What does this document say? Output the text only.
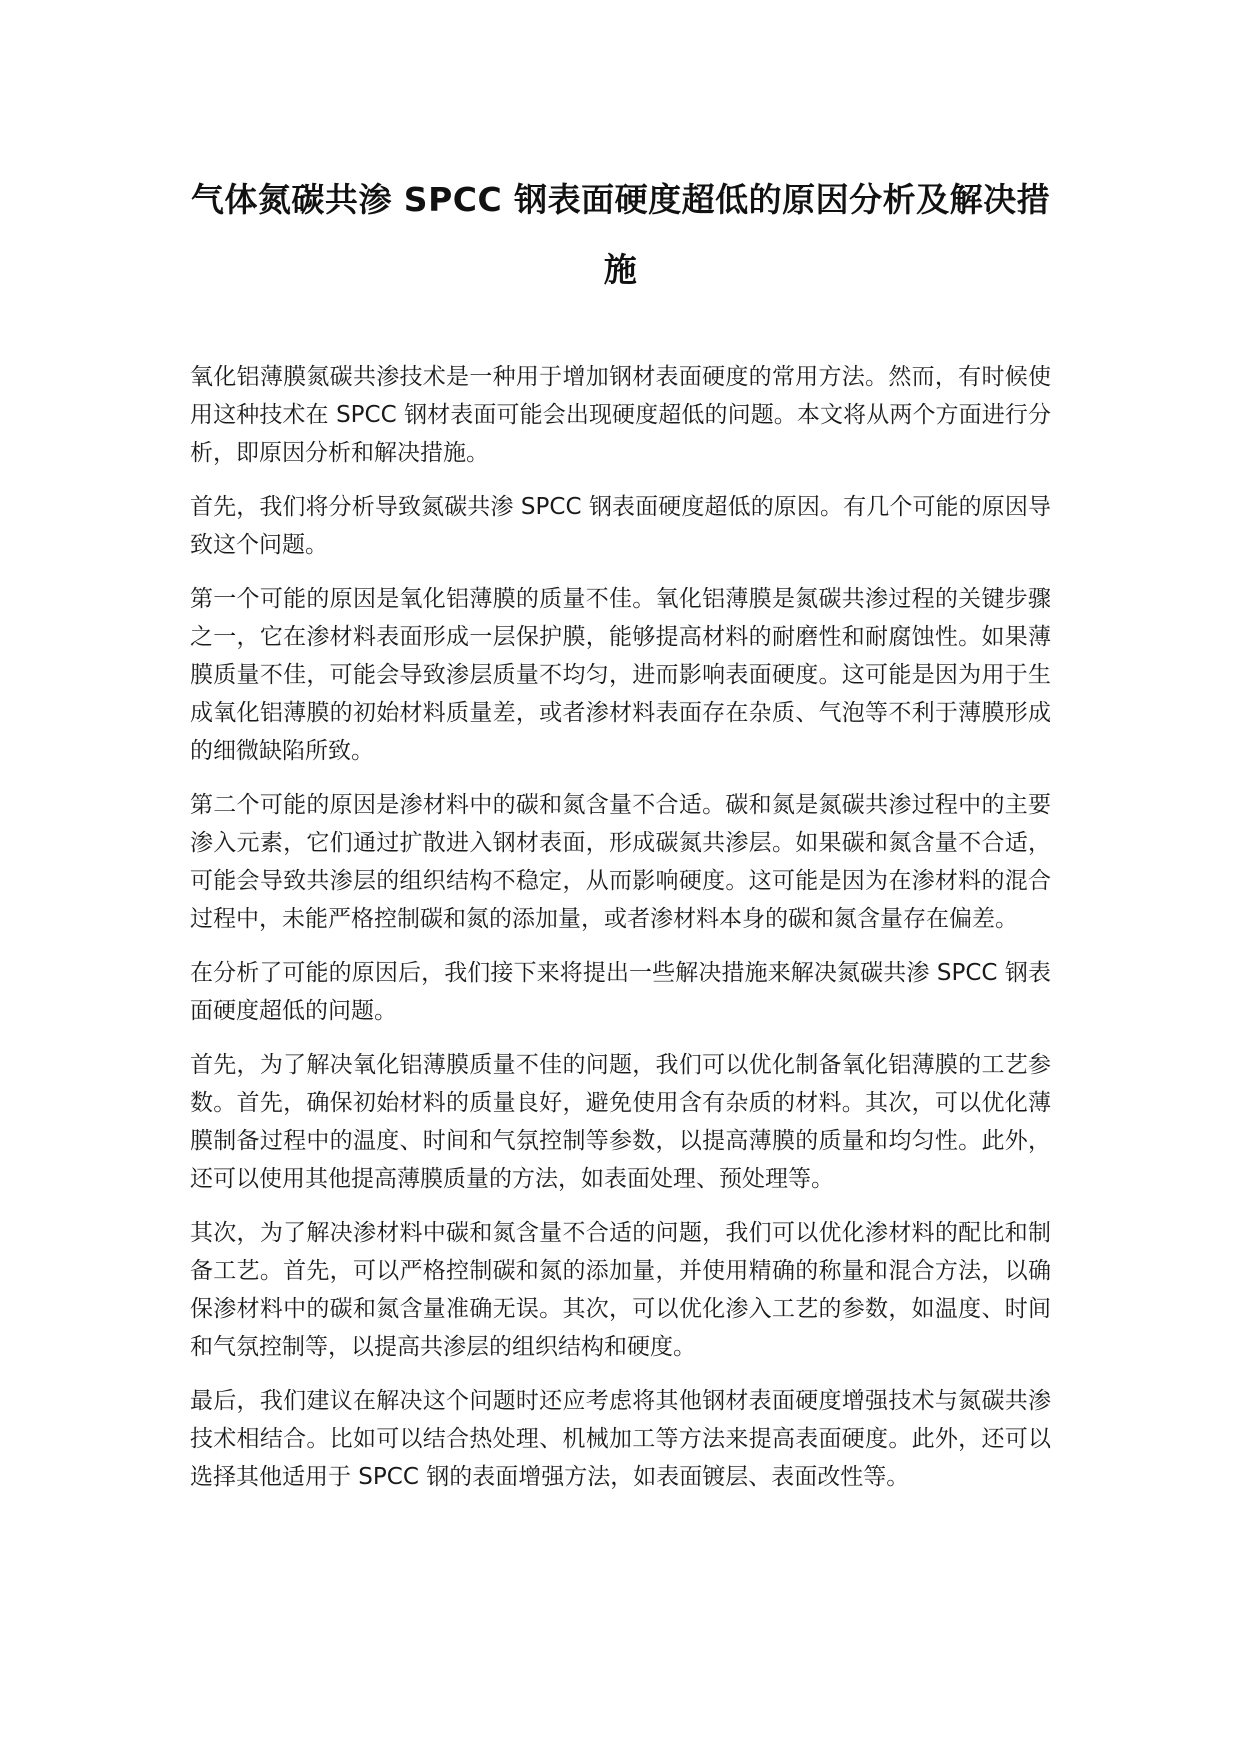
气体氮碳共渗 SPCC 钢表面硬度超低的原因分析及解决措施

氧化铝薄膜氮碳共渗技术是一种用于增加钢材表面硬度的常用方法。然而，有时候使用这种技术在 SPCC 钢材表面可能会出现硬度超低的问题。本文将从两个方面进行分析，即原因分析和解决措施。

首先，我们将分析导致氮碳共渗 SPCC 钢表面硬度超低的原因。有几个可能的原因导致这个问题。

第一个可能的原因是氧化铝薄膜的质量不佳。氧化铝薄膜是氮碳共渗过程的关键步骤之一，它在渗材料表面形成一层保护膜，能够提高材料的耐磨性和耐腐蚀性。如果薄膜质量不佳，可能会导致渗层质量不均匀，进而影响表面硬度。这可能是因为用于生成氧化铝薄膜的初始材料质量差，或者渗材料表面存在杂质、气泡等不利于薄膜形成的细微缺陷所致。

第二个可能的原因是渗材料中的碳和氮含量不合适。碳和氮是氮碳共渗过程中的主要渗入元素，它们通过扩散进入钢材表面，形成碳氮共渗层。如果碳和氮含量不合适，可能会导致共渗层的组织结构不稳定，从而影响硬度。这可能是因为在渗材料的混合过程中，未能严格控制碳和氮的添加量，或者渗材料本身的碳和氮含量存在偏差。

在分析了可能的原因后，我们接下来将提出一些解决措施来解决氮碳共渗 SPCC 钢表面硬度超低的问题。

首先，为了解决氧化铝薄膜质量不佳的问题，我们可以优化制备氧化铝薄膜的工艺参数。首先，确保初始材料的质量良好，避免使用含有杂质的材料。其次，可以优化薄膜制备过程中的温度、时间和气氛控制等参数，以提高薄膜的质量和均匀性。此外，还可以使用其他提高薄膜质量的方法，如表面处理、预处理等。

其次，为了解决渗材料中碳和氮含量不合适的问题，我们可以优化渗材料的配比和制备工艺。首先，可以严格控制碳和氮的添加量，并使用精确的称量和混合方法，以确保渗材料中的碳和氮含量准确无误。其次，可以优化渗入工艺的参数，如温度、时间和气氛控制等，以提高共渗层的组织结构和硬度。

最后，我们建议在解决这个问题时还应考虑将其他钢材表面硬度增强技术与氮碳共渗技术相结合。比如可以结合热处理、机械加工等方法来提高表面硬度。此外，还可以选择其他适用于 SPCC 钢的表面增强方法，如表面镀层、表面改性等。
